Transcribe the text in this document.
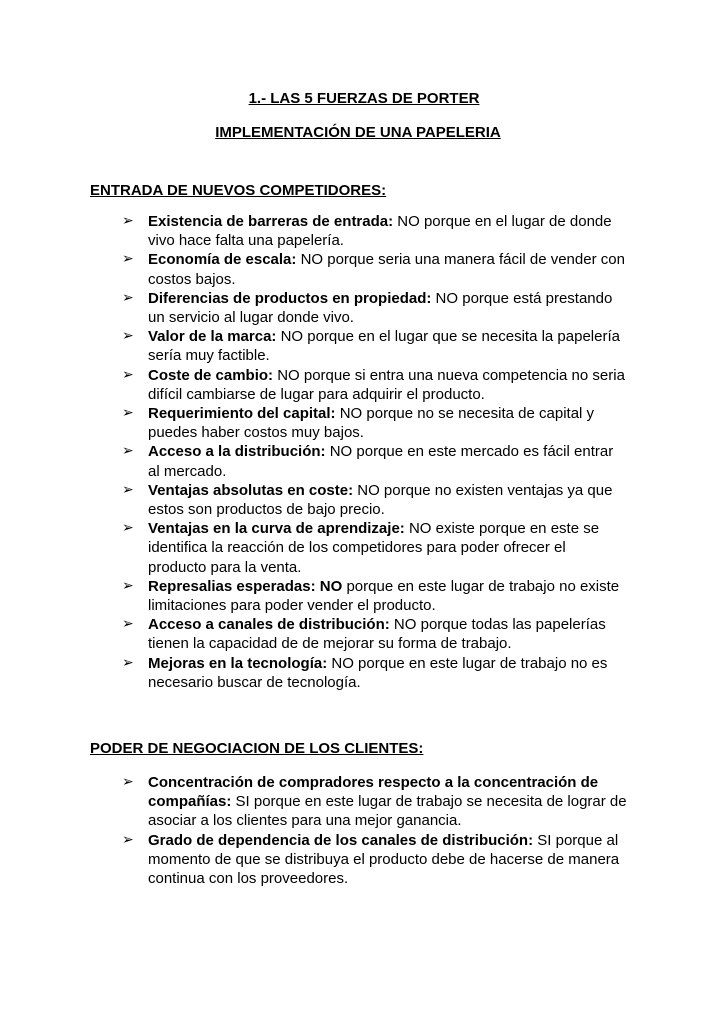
1.- LAS 5 FUERZAS DE PORTER
IMPLEMENTACIÓN DE UNA PAPELERIA
ENTRADA DE NUEVOS COMPETIDORES:
➢ Existencia de barreras de entrada: NO porque en el lugar de donde vivo hace falta una papelería.
➢ Economía de escala: NO porque seria una manera fácil de vender con costos bajos.
➢ Diferencias de productos en propiedad: NO porque está prestando un servicio al lugar donde vivo.
➢ Valor de la marca: NO porque en el lugar que se necesita la papelería sería muy factible.
➢ Coste de cambio: NO porque si entra una nueva competencia no seria difícil cambiarse de lugar para adquirir el producto.
➢ Requerimiento del capital: NO porque no se necesita de capital y puedes haber costos muy bajos.
➢ Acceso a la distribución: NO porque en este mercado es fácil entrar al mercado.
➢ Ventajas absolutas en coste: NO porque no existen ventajas ya que estos son productos de bajo precio.
➢ Ventajas en la curva de aprendizaje: NO existe porque en este se identifica la reacción de los competidores para poder ofrecer el producto para la venta.
➢ Represalias esperadas: NO porque en este lugar de trabajo no existe limitaciones para poder vender el producto.
➢ Acceso a canales de distribución: NO porque todas las papelerías tienen la capacidad de de mejorar su forma de trabajo.
➢ Mejoras en la tecnología: NO porque en este lugar de trabajo no es necesario buscar de tecnología.
PODER DE NEGOCIACION DE LOS CLIENTES:
➢ Concentración de compradores respecto a la concentración de compañías: SI porque en este lugar de trabajo se necesita de lograr de asociar a los clientes para una mejor ganancia.
➢ Grado de dependencia de los canales de distribución: SI porque al momento de que se distribuya el producto debe de hacerse de manera continua con los proveedores.
